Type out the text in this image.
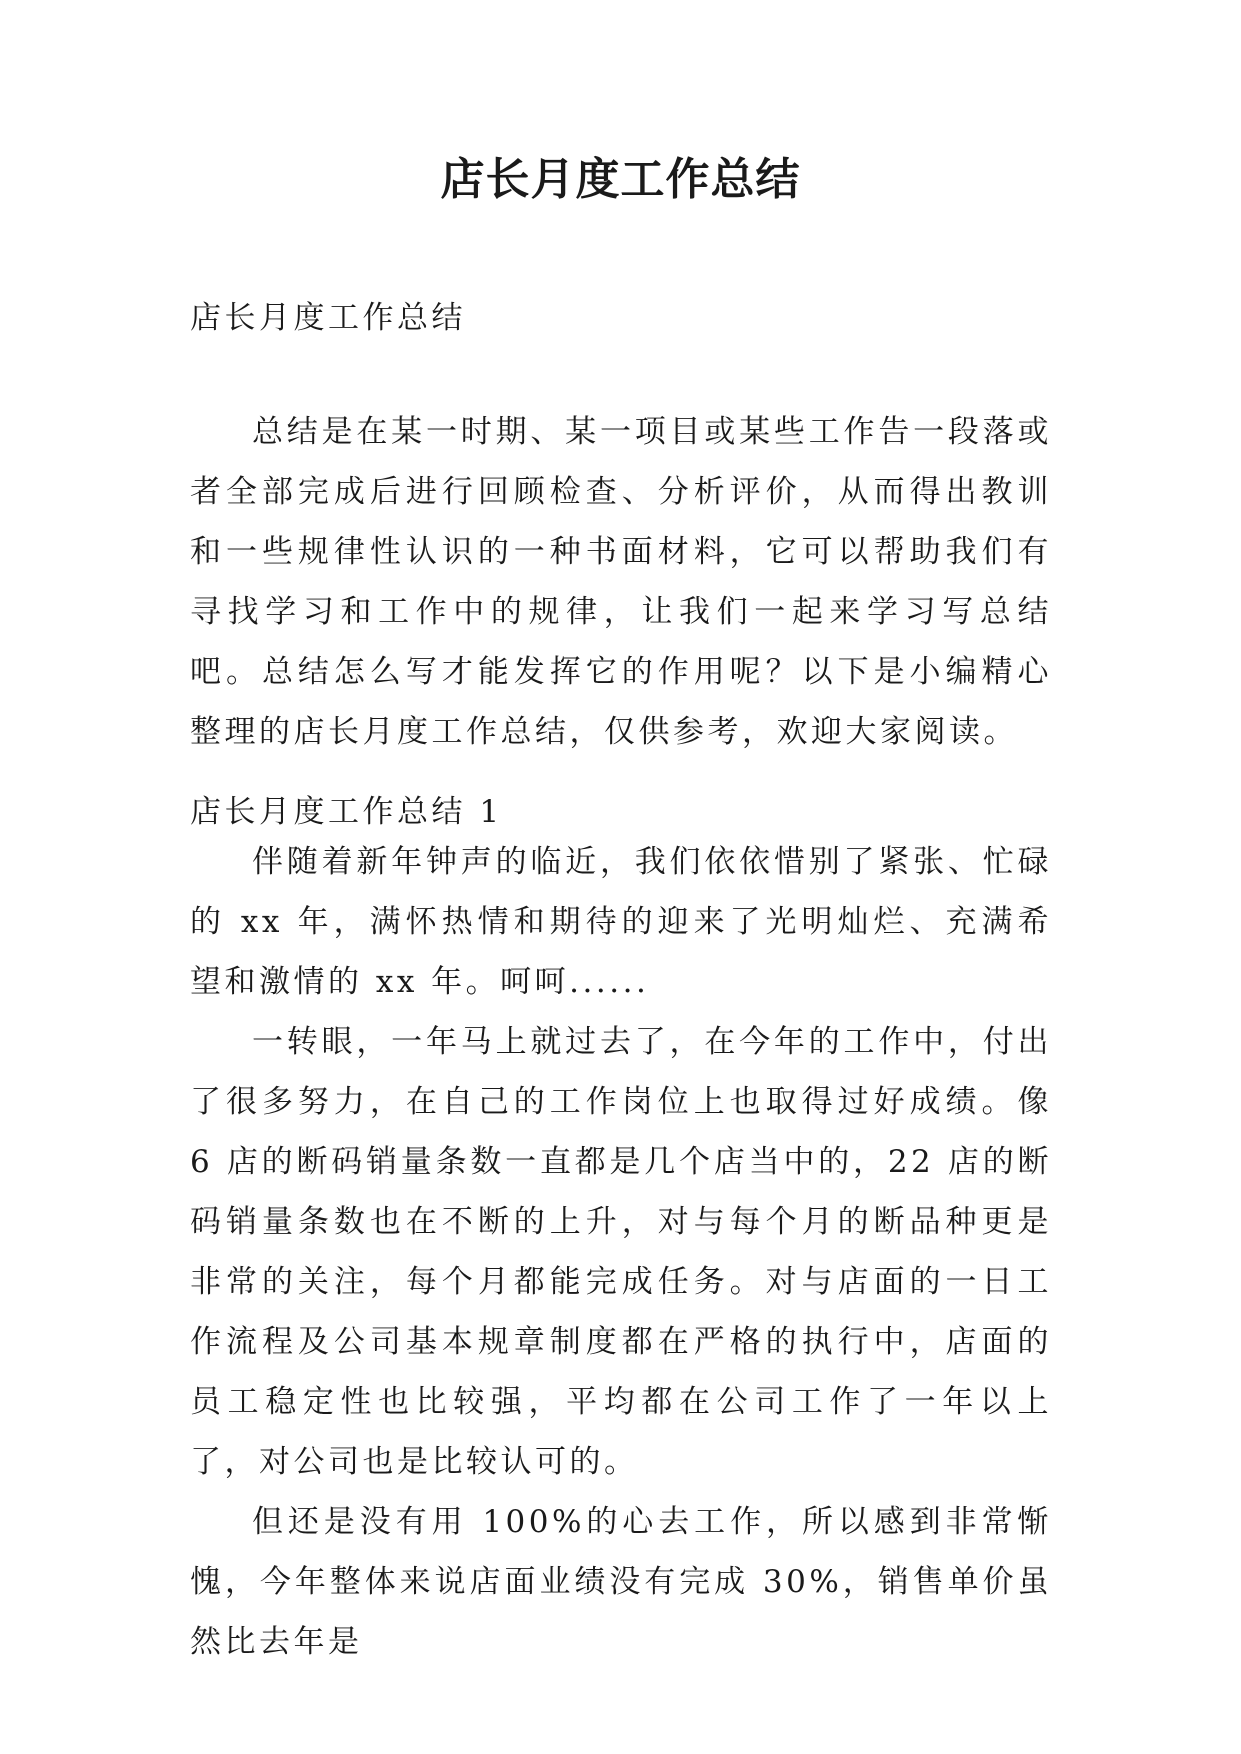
店长月度工作总结

店长月度工作总结

总结是在某一时期、某一项目或某些工作告一段落或者全部完成后进行回顾检查、分析评价，从而得出教训和一些规律性认识的一种书面材料，它可以帮助我们有寻找学习和工作中的规律，让我们一起来学习写总结吧。总结怎么写才能发挥它的作用呢？以下是小编精心整理的店长月度工作总结，仅供参考，欢迎大家阅读。

店长月度工作总结 1

伴随着新年钟声的临近，我们依依惜别了紧张、忙碌的 xx 年，满怀热情和期待的迎来了光明灿烂、充满希望和激情的 xx 年。呵呵......

一转眼，一年马上就过去了，在今年的工作中，付出了很多努力，在自己的工作岗位上也取得过好成绩。像 6 店的断码销量条数一直都是几个店当中的，22 店的断码销量条数也在不断的上升，对与每个月的断品种更是非常的关注，每个月都能完成任务。对与店面的一日工作流程及公司基本规章制度都在严格的执行中，店面的员工稳定性也比较强，平均都在公司工作了一年以上了，对公司也是比较认可的。

但还是没有用 100%的心去工作，所以感到非常惭愧，今年整体来说店面业绩没有完成 30%，销售单价虽然比去年是
